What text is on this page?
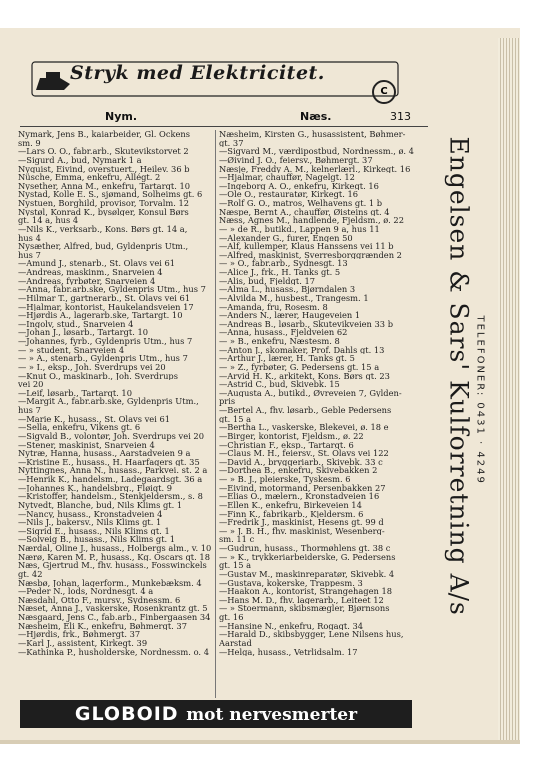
Stryk med Elektricitet.
C
Nym.	Næs.	313
Nymark, Jens B., kaiarbeider, Gl. Ockens
sm. 9
—Lars O. O., fabr.arb., Skutevikstorvet 2
—Sigurd A., bud, Nymark 1 a
Nyquist, Eivind, overstuert., Heilev. 36 b
Nüsche, Emma, enkefru, Allégt. 2
Nysether, Anna M., enkefru, Tartargt. 10
Nystad, Kolle E. S., sjømand, Solheims gt. 6
Nystuen, Borghild, provisor, Torvalm. 12
Nystøl, Konrad K., bysølger, Konsul Børs
gt. 14 a, hus 4
—Nils K., verksarb., Kons. Børs gt. 14 a,
hus 4
Nysæther, Alfred, bud, Gyldenpris Utm.,
hus 7
—Amund J., stenarb., St. Olavs vei 61
—Andreas, maskinm., Snarveien 4
—Andreas, fyrbøter, Snarveien 4
—Anna, fabr.arb.ske, Gyldenpris Utm., hus 7
—Hilmar T., gartnerarb., St. Olavs vei 61
—Hjalmar, kontorist, Haukelandsveien 17
—Hjørdis A., lagerarb.ske, Tartargt. 10
—Ingolv, stud., Snarveien 4
—Johan J., løsarb., Tartargt. 10
—Johannes, fyrb., Gyldenpris Utm., hus 7
— » student, Snarveien 4
— » A., stenarb., Gyldenpris Utm., hus 7
— » I., eksp., Joh. Sverdrups vei 20
—Knut O., maskinarb., Joh. Sverdrups
vei 20
—Leif, løsarb., Tartargt. 10
—Margit A., fabr.arb.ske, Gyldenpris Utm.,
hus 7
—Marie K., husass., St. Olavs vei 61
—Sella, enkefru, Vikens gt. 6
—Sigvald B., volontør, Joh. Sverdrups vei 20
—Stener, maskinist, Snarveien 4
Nytræ, Hanna, husass., Aarstadveien 9 a
—Kristine E., husass., H. Haarfagers gt. 35
Nyttingnes, Anna N., husass., Parkvei. st. 2 a
—Henrik K., handelsm., Ladegaardsgt. 36 a
—Johannes K., handelsbrg., Fløigt. 9
—Kristoffer, handelsm., Stenkjeldersm., s. 8
Nytvedt, Blanche, bud, Nils Klims gt. 1
—Nancy, husass., Kronstadveien 4
—Nils J., bakersv., Nils Klims gt. 1
—Sigrid E., husass., Nils Klims gt. 1
—Solveig B., husass., Nils Klims gt. 1
Nærdal, Oline J., husass., Holbergs alm., v. 10
Nærø, Karen M. P., husass., Kg. Oscars gt. 18
Næs, Gjertrud M., fhv. husass., Fosswinckels
gt. 42
Næsbø, Johan, lagerform., Munkebæksm. 4
—Peder N., lods, Nordnesgt. 4 a
Næsdahl, Otto F., mursv., Sydnessm. 6
Næset, Anna J., vaskerske, Rosenkrantz gt. 5
Næsgaard, Jens C., fab.arb., Finbergaasen 34
Næsheim, Eli K., enkefru, Bøhmergt. 37
—Hjørdis, frk., Bøhmergt. 37
—Karl J., assistent, Kirkegt. 39
—Kathinka P., husholderske, Nordnessm. o. 4
Næsheim, Kirsten G., husassistent, Bøhmer-
gt. 37
—Sigvard M., værdipostbud, Nordnessm., ø. 4
—Øivind J. O., feiersv., Bøhmergt. 37
Næsje, Freddy A. M., kelnerlærl., Kirkegt. 16
—Hjalmar, chauffør, Nagelgt. 12
—Ingeborg A. O., enkefru, Kirkegt. 16
—Ole O., restauratør, Kirkegt. 16
—Rolf G. O., matros, Welhavens gt. 1 b
Næspe, Bernt A., chauffør, Øisteins gt. 4
Næss, Agnes M., handlende, Fjeldsm., ø. 22
— » de R., butikd., Lappen 9 a, hus 11
—Alexander G., furer, Engen 50
—Alf, kullemper, Klaus Hanssens vei 11 b
—Alfred, maskinist, Sverresborggrænden 2
— » O., fabr.arb., Sydnesgt. 13
—Alice J., frk., H. Tanks gt. 5
—Alis, bud, Fjeldgt. 17
—Alma L., husass., Bjørndalen 3
—Alvilda M., husbest., Trangesm. 1
—Amanda, fru, Rosesm. 8
—Anders N., lærer, Haugeveien 1
—Andreas B., løsarb., Skutevikveien 33 b
—Anna, husass., Fjeldveien 62
— » B., enkefru, Næstesm. 8
—Anton J., skomaker, Prof. Dahls gt. 13
—Arthur J., lærer, H. Tanks gt. 5
— » Z., fyrbøter, G. Pedersens gt. 15 a
—Arvid H. K., arkitekt, Kons. Børs gt. 23
—Astrid C., bud, Skivebk. 15
—Augusta A., butikd., Øvreveien 7, Gylden-
pris
—Bertel A., fhv. løsarb., Geble Pedersens
gt. 15 a
—Bertha L., vaskerske, Blekevei, ø. 18 e
—Birger, kontorist, Fjeldsm., ø. 22
—Christian F., eksp., Tartargt. 6
—Claus M. H., feiersv., St. Olavs vei 122
—David A., bryggeriarb., Skivebk. 33 c
—Dorthea B., enkefru, Skivebakken 2
— » B. J., pleierske, Tyskesm. 6
—Eivind, motormand, Persenbakken 27
—Elias O., mælern., Kronstadveien 16
—Ellen K., enkefru, Birkeveien 14
—Finn K., fabrikarb., Kjeldersm. 6
—Fredrik J., maskinist, Hesens gt. 99 d
— » J. B. H., fhv. maskinist, Wesenberg-
sm. 11 c
—Gudrun, husass., Thormøhlens gt. 38 c
— » K., trykkeriarbeiderske, G. Pedersens
gt. 15 a
—Gustav M., maskinreparatør, Skivebk. 4
—Gustava, kokerske, Trappesm. 3
—Haakon A., kontorist, Strangehagen 18
—Hans M. D., fhv. lagerarb., Leiteet 12
— » Stoermann, skibsmægler, Bjørnsons
gt. 16
—Hansine N., enkefru, Rogagt. 34
—Harald D., skibsbygger, Lene Nilsens hus,
Aarstad
—Helga, husass., Vetrlidsalm. 17
Engelsen & Sars' Kulforretning A/s TELEFONER: 0431 · 4249
GLOBOID mot nervesmerter
